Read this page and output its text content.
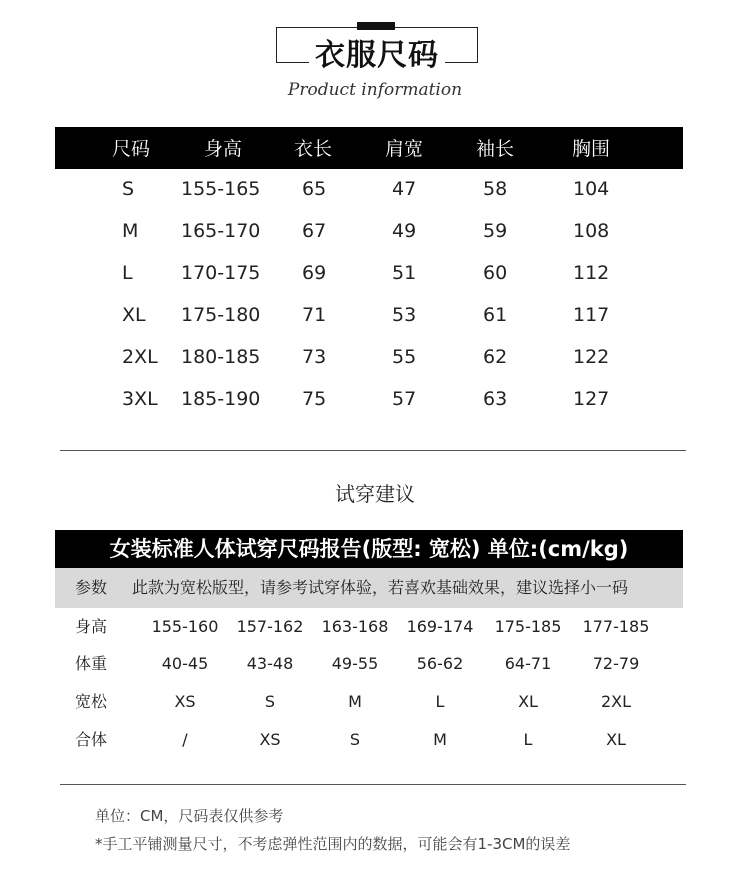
衣服尺码
Product information
尺码	身高	衣长	肩宽	袖长	胸围
S 155-165 65	47	58	104
M 165-170 67	49	59	108
L	170-175 69	51	60	112
XL 175-180 71	53	61	117
2XL 180-185 73	55	62	122
3XL 185-190 75	57	63	127
试穿建议
女装标准人体试穿尺码报告(版型: 宽松) 单位:(cm/kg)
参数 此款为宽松版型，请参考试穿体验，若喜欢基础效果，建议选择小一码
身高	155-160	157-162	163-168	169-174	175-185	177-185
体重	40-45	43-48	49-55	56-62	64-71	72-79
宽松	XS	S	M	L	XL	2XL
合体	/	XS	S	M	L	XL
单位：CM，尺码表仅供参考
*手工平铺测量尺寸，不考虑弹性范围内的数据，可能会有1-3CM的误差
